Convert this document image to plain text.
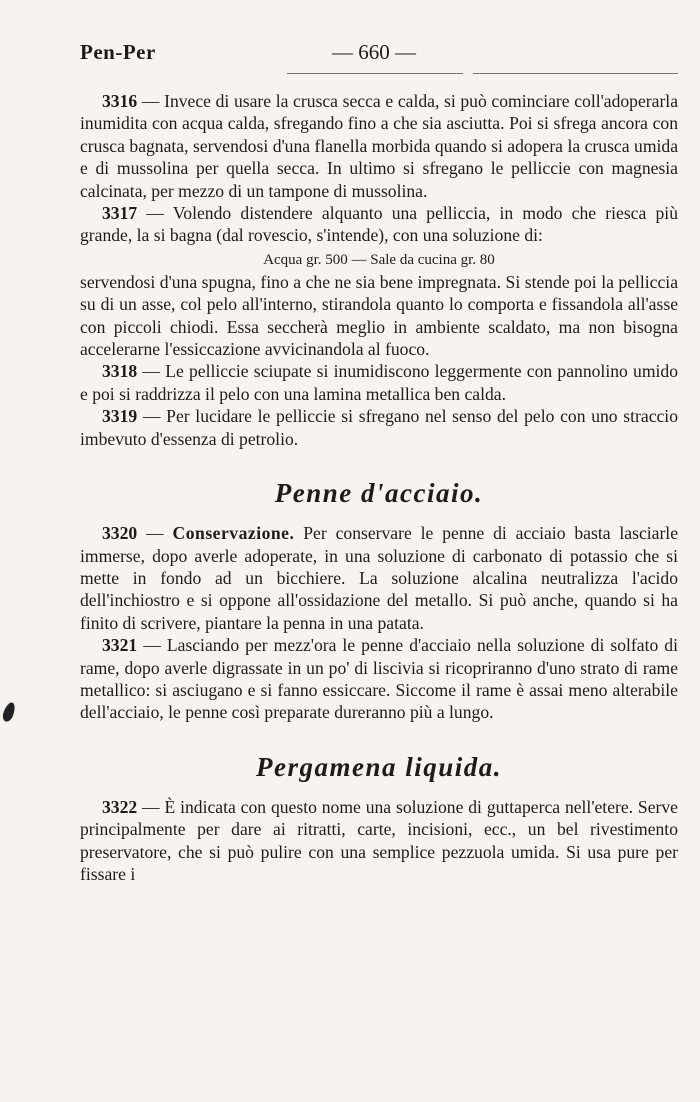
Pen-Per	— 660 —

3316 — Invece di usare la crusca secca e calda, si può cominciare coll'adoperarla inumidita con acqua calda, sfregando fino a che sia asciutta. Poi si sfrega ancora con crusca bagnata, servendosi d'una flanella morbida quando si adopera la crusca umida e di mussolina per quella secca. In ultimo si sfregano le pelliccie con magnesia calcinata, per mezzo di un tampone di mussolina.

3317 — Volendo distendere alquanto una pelliccia, in modo che riesca più grande, la si bagna (dal rovescio, s'intende), con una soluzione di:

Acqua gr. 500 — Sale da cucina gr. 80

servendosi d'una spugna, fino a che ne sia bene impregnata. Si stende poi la pelliccia su di un asse, col pelo all'interno, stirandola quanto lo comporta e fissandola all'asse con piccoli chiodi. Essa seccherà meglio in ambiente scaldato, ma non bisogna accelerarne l'essiccazione avvicinandola al fuoco.

3318 — Le pelliccie sciupate si inumidiscono leggermente con pannolino umido e poi si raddrizza il pelo con una lamina metallica ben calda.

3319 — Per lucidare le pelliccie si sfregano nel senso del pelo con uno straccio imbevuto d'essenza di petrolio.

Penne d'acciaio.

3320 — Conservazione. Per conservare le penne di acciaio basta lasciarle immerse, dopo averle adoperate, in una soluzione di carbonato di potassio che si mette in fondo ad un bicchiere. La soluzione alcalina neutralizza l'acido dell'inchiostro e si oppone all'ossidazione del metallo. Si può anche, quando si ha finito di scrivere, piantare la penna in una patata.

3321 — Lasciando per mezz'ora le penne d'acciaio nella soluzione di solfato di rame, dopo averle digrassate in un po' di liscivia si ricopriranno d'uno strato di rame metallico: si asciugano e si fanno essiccare. Siccome il rame è assai meno alterabile dell'acciaio, le penne così preparate dureranno più a lungo.

Pergamena liquida.

3322 — È indicata con questo nome una soluzione di guttaperca nell'etere. Serve principalmente per dare ai ritratti, carte, incisioni, ecc., un bel rivestimento preservatore, che si può pulire con una semplice pezzuola umida. Si usa pure per fissare i
